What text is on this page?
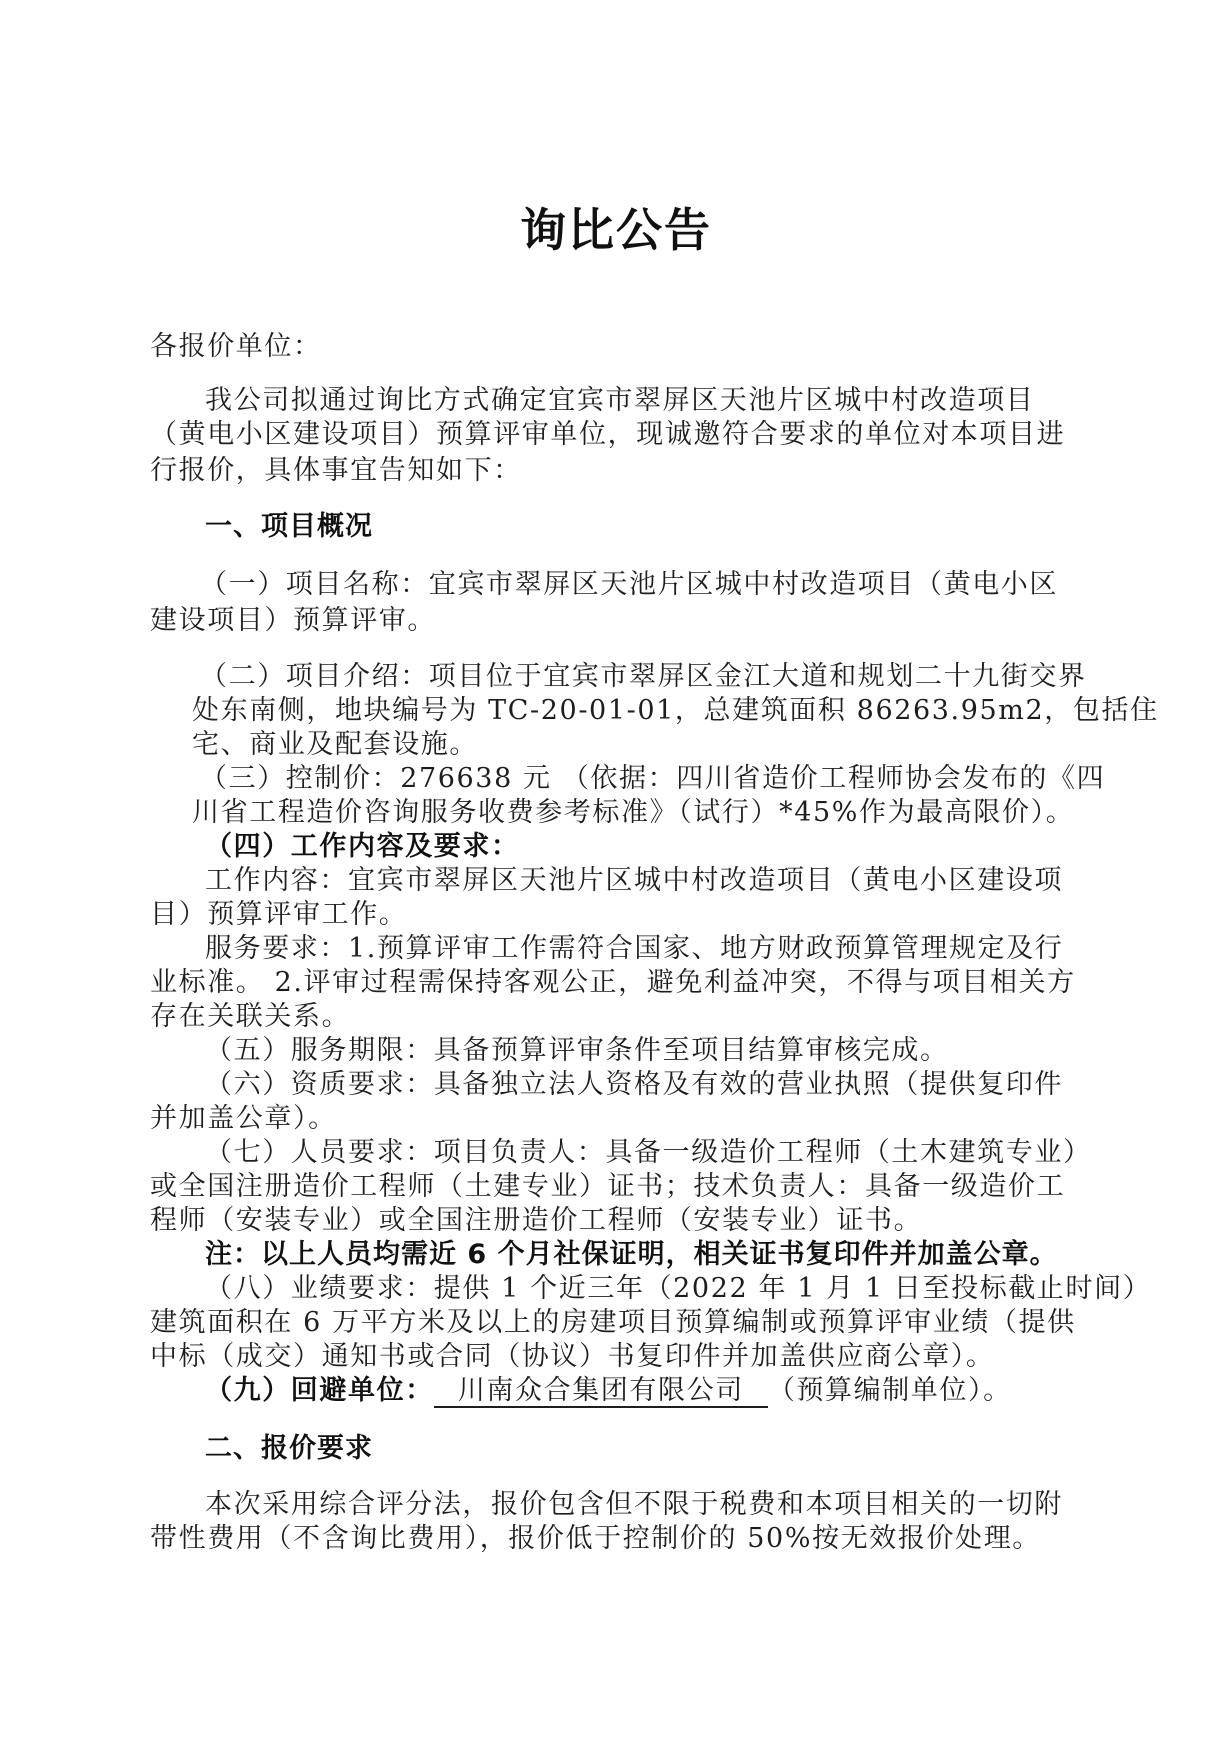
询比公告
各报价单位：
我公司拟通过询比方式确定宜宾市翠屏区天池片区城中村改造项目
（黄电小区建设项目）预算评审单位，现诚邀符合要求的单位对本项目进
行报价，具体事宜告知如下：
一、项目概况
（一）项目名称：宜宾市翠屏区天池片区城中村改造项目（黄电小区
建设项目）预算评审。
（二）项目介绍：项目位于宜宾市翠屏区金江大道和规划二十九街交界
处东南侧，地块编号为 TC-20-01-01，总建筑面积 86263.95m2，包括住
宅、商业及配套设施。
（三）控制价：276638 元 （依据：四川省造价工程师协会发布的《四
川省工程造价咨询服务收费参考标准》（试行）*45%作为最高限价）。
（四）工作内容及要求：
工作内容：宜宾市翠屏区天池片区城中村改造项目（黄电小区建设项
目）预算评审工作。
服务要求：1.预算评审工作需符合国家、地方财政预算管理规定及行
业标准。 2.评审过程需保持客观公正，避免利益冲突，不得与项目相关方
存在关联关系。
（五）服务期限：具备预算评审条件至项目结算审核完成。
（六）资质要求：具备独立法人资格及有效的营业执照（提供复印件
并加盖公章）。
（七）人员要求：项目负责人：具备一级造价工程师（土木建筑专业）
或全国注册造价工程师（土建专业）证书；技术负责人：具备一级造价工
程师（安装专业）或全国注册造价工程师（安装专业）证书。
注：以上人员均需近 6 个月社保证明，相关证书复印件并加盖公章。
（八）业绩要求：提供 1 个近三年（2022 年 1 月 1 日至投标截止时间）
建筑面积在 6 万平方米及以上的房建项目预算编制或预算评审业绩（提供
中标（成交）通知书或合同（协议）书复印件并加盖供应商公章）。
（九）回避单位： 川南众合集团有限公司 （预算编制单位）。
二、报价要求
本次采用综合评分法，报价包含但不限于税费和本项目相关的一切附
带性费用（不含询比费用），报价低于控制价的 50%按无效报价处理。
